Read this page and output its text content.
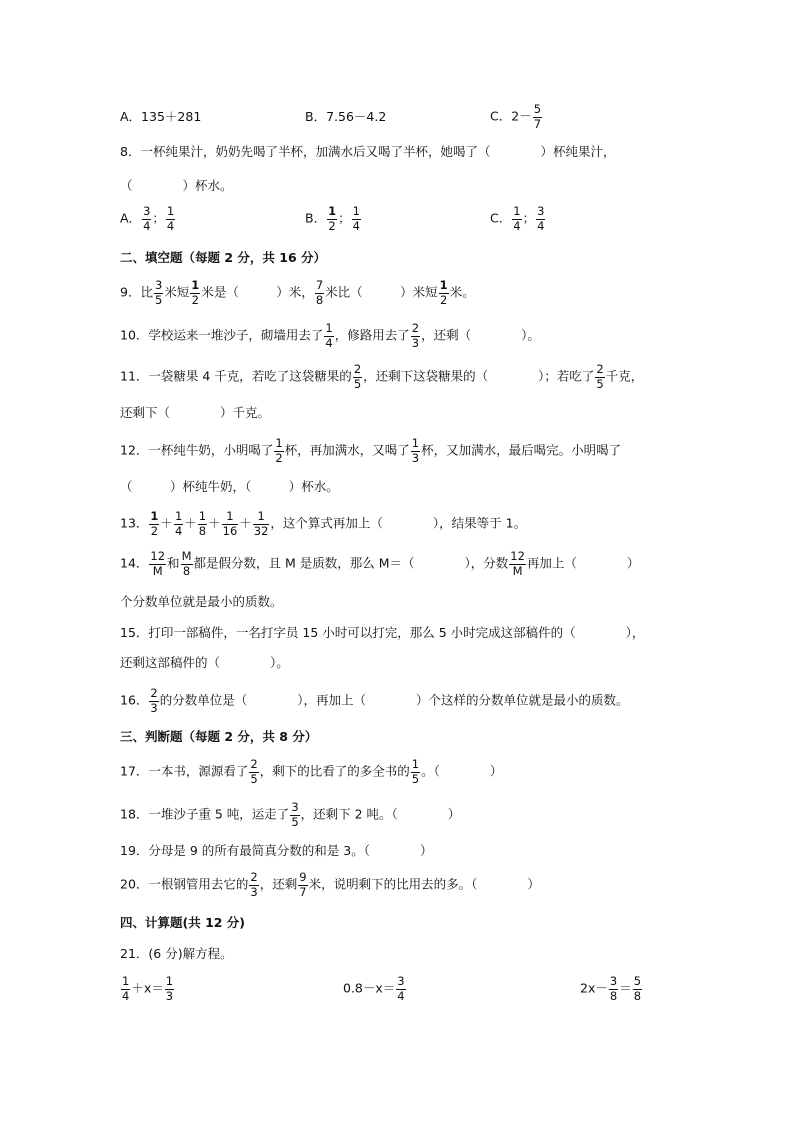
A．135＋281	B．7.56－4.2	C．$2- \frac{5}{7}$
8．一杯纯果汁，奶奶先喝了半杯，加满水后又喝了半杯，她喝了（　　　　）杯纯果汁，
（　　　　）杯水。
A． $\frac{3}{4}$ ； $\frac{1}{4}$	B． $\frac{1}{2}$ ； $\frac{1}{4}$	C． $\frac{1}{4}$ ； $\frac{3}{4}$
二、填空题（每题 2 分，共 16 分）
9．比 $\frac{3}{5}$ 米短 $\frac{1}{2}$ 米是（　　　）米， $\frac{7}{8}$ 米比（　　　）米短 $\frac{1}{2}$ 米。
10．学校运来一堆沙子，砌墙用去了 $\frac{1}{4}$ ，修路用去了 $\frac{2}{3}$ ，还剩（　　　　）。
11．一袋糖果 4 千克，若吃了这袋糖果的 $\frac{2}{5}$ ，还剩下这袋糖果的（　　　　）；若吃了 $\frac{2}{5}$ 千克，
还剩下（　　　　）千克。
12．一杯纯牛奶，小明喝了 $\frac{1}{2}$ 杯，再加满水，又喝了 $\frac{1}{3}$ 杯，又加满水，最后喝完。小明喝了
（　　　）杯纯牛奶，（　　　）杯水。
13． $\frac{1}{2} + \frac{1}{4} + \frac{1}{8} + \frac{1}{16} + \frac{1}{32}$ ，这个算式再加上（　　　　），结果等于 1。
14． $\frac{12}{M}$ 和 $\frac{M}{8}$ 都是假分数，且 M 是质数，那么 M＝（　　　　），分数 $\frac{12}{M}$ 再加上（　　　　）
个分数单位就是最小的质数。
15．打印一部稿件，一名打字员 15 小时可以打完，那么 5 小时完成这部稿件的（　　　　），
还剩这部稿件的（　　　　）。
16． $\frac{2}{3}$ 的分数单位是（　　　　），再加上（　　　　）个这样的分数单位就是最小的质数。
三、判断题（每题 2 分，共 8 分）
17．一本书，源源看了 $\frac{2}{5}$ ，剩下的比看了的多全书的 $\frac{1}{5}$ 。（　　　　）
18．一堆沙子重 5 吨，运走了 $\frac{3}{5}$ ，还剩下 2 吨。（　　　　）
19．分母是 9 的所有最简真分数的和是 3。（　　　　）
20．一根钢管用去它的 $\frac{2}{3}$ ，还剩 $\frac{9}{7}$ 米，说明剩下的比用去的多。（　　　　）
四、计算题(共 12 分)
21．(6 分)解方程。
$\frac{1}{4} +x= \frac{1}{3}$	$0.8-x= \frac{3}{4}$	$2x- \frac{3}{8} = \frac{5}{8}$
